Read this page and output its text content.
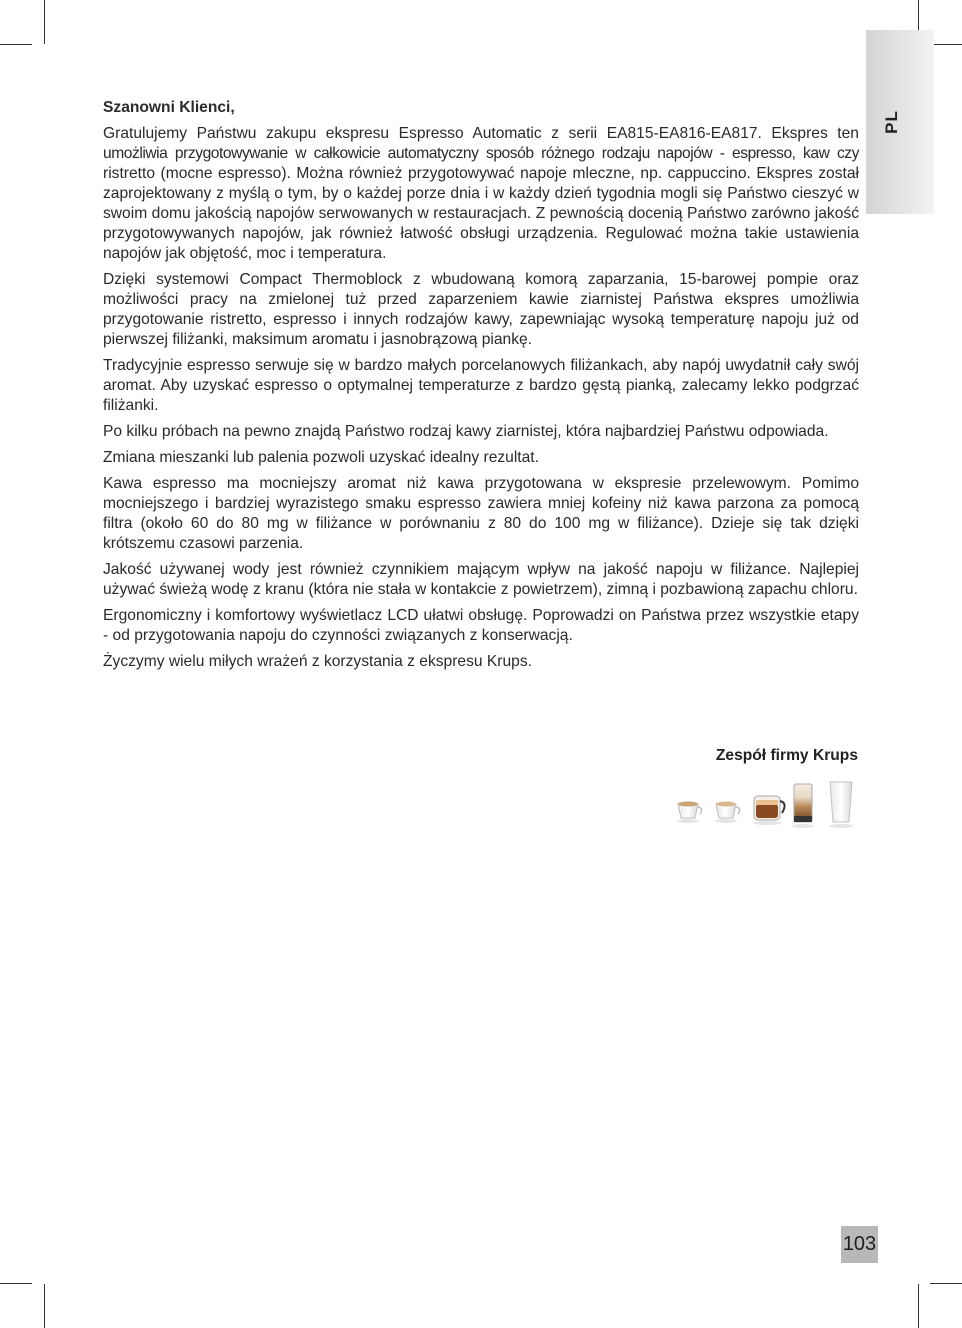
PL

Szanowni Klienci,

Gratulujemy Państwu zakupu ekspresu Espresso Automatic z serii EA815-EA816-EA817. Ekspres ten umożliwia przygotowywanie w całkowicie automatyczny sposób różnego rodzaju napojów - espresso, kaw czy ristretto (mocne espresso). Można również przygotowywać napoje mleczne, np. cappuccino. Ekspres został zaprojektowany z myślą o tym, by o każdej porze dnia i w każdy dzień tygodnia mogli się Państwo cieszyć w swoim domu jakością napojów serwowanych w restauracjach. Z pewnością docenią Państwo zarówno jakość przygotowywanych napojów, jak również łatwość obsługi urządzenia. Regulować można takie ustawienia napojów jak objętość, moc i temperatura.

Dzięki systemowi Compact Thermoblock z wbudowaną komorą zaparzania, 15-barowej pompie oraz możliwości pracy na zmielonej tuż przed zaparzeniem kawie ziarnistej Państwa ekspres umożliwia przygotowanie ristretto, espresso i innych rodzajów kawy, zapewniając wysoką temperaturę napoju już od pierwszej filiżanki, maksimum aromatu i jasnobrązową piankę.

Tradycyjnie espresso serwuje się w bardzo małych porcelanowych filiżankach, aby napój uwydatnił cały swój aromat. Aby uzyskać espresso o optymalnej temperaturze z bardzo gęstą pianką, zalecamy lekko podgrzać filiżanki.

Po kilku próbach na pewno znajdą Państwo rodzaj kawy ziarnistej, która najbardziej Państwu odpowiada.

Zmiana mieszanki lub palenia pozwoli uzyskać idealny rezultat.

Kawa espresso ma mocniejszy aromat niż kawa przygotowana w ekspresie przelewowym. Pomimo mocniejszego i bardziej wyrazistego smaku espresso zawiera mniej kofeiny niż kawa parzona za pomocą filtra (około 60 do 80 mg w filiżance w porównaniu z 80 do 100 mg w filiżance). Dzieje się tak dzięki krótszemu czasowi parzenia.

Jakość używanej wody jest również czynnikiem mającym wpływ na jakość napoju w filiżance. Najlepiej używać świeżą wodę z kranu (która nie stała w kontakcie z powietrzem), zimną i pozbawioną zapachu chloru.

Ergonomiczny i komfortowy wyświetlacz LCD ułatwi obsługę. Poprowadzi on Państwa przez wszystkie etapy - od przygotowania napoju do czynności związanych z konserwacją.

Życzymy wielu miłych wrażeń z korzystania z ekspresu Krups.

Zespół firmy Krups
103
